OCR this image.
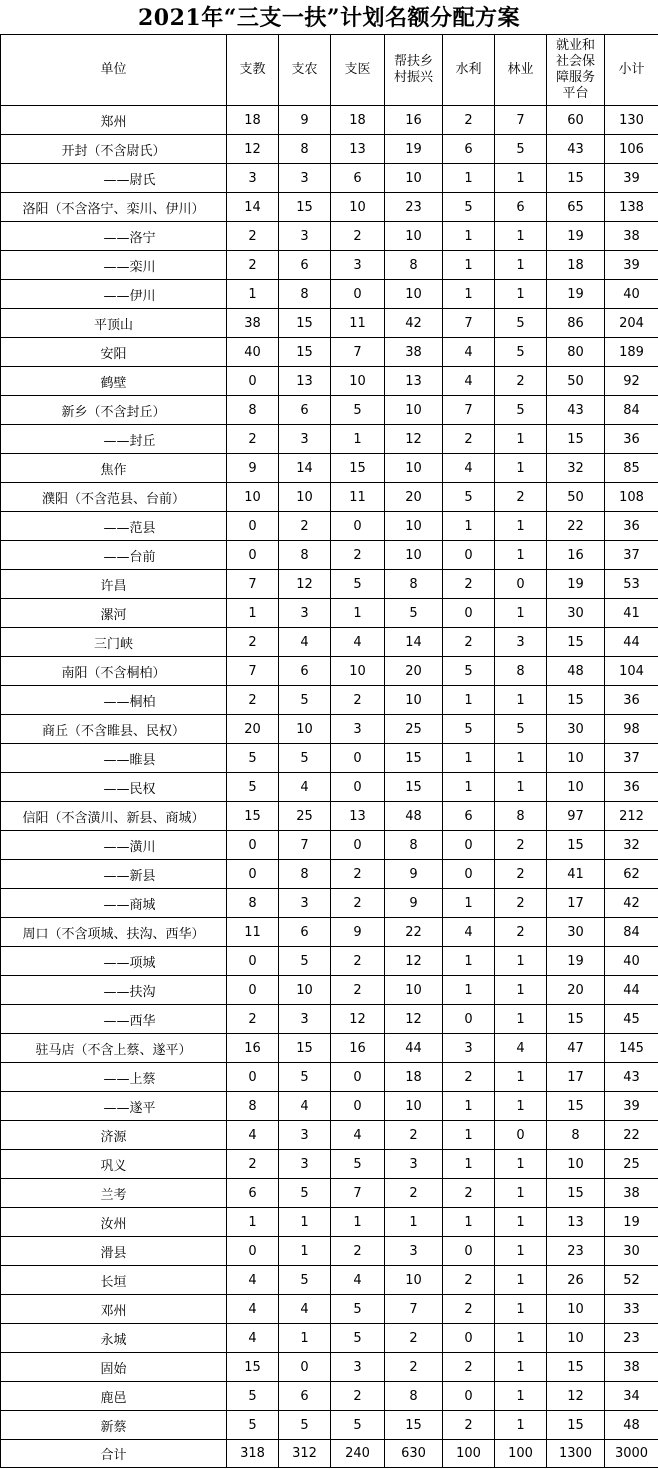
2021年“三支一扶”计划名额分配方案
单位	支教	支农	支医	帮扶乡村振兴	水利	林业	就业和社会保障服务平台	小计
郑州	18	9	18	16	2	7	60	130
开封（不含尉氏）	12	8	13	19	6	5	43	106
——尉氏	3	3	6	10	1	1	15	39
洛阳（不含洛宁、栾川、伊川）	14	15	10	23	5	6	65	138
——洛宁	2	3	2	10	1	1	19	38
——栾川	2	6	3	8	1	1	18	39
——伊川	1	8	0	10	1	1	19	40
平顶山	38	15	11	42	7	5	86	204
安阳	40	15	7	38	4	5	80	189
鹤壁	0	13	10	13	4	2	50	92
新乡（不含封丘）	8	6	5	10	7	5	43	84
——封丘	2	3	1	12	2	1	15	36
焦作	9	14	15	10	4	1	32	85
濮阳（不含范县、台前）	10	10	11	20	5	2	50	108
——范县	0	2	0	10	1	1	22	36
——台前	0	8	2	10	0	1	16	37
许昌	7	12	5	8	2	0	19	53
漯河	1	3	1	5	0	1	30	41
三门峡	2	4	4	14	2	3	15	44
南阳（不含桐柏）	7	6	10	20	5	8	48	104
——桐柏	2	5	2	10	1	1	15	36
商丘（不含睢县、民权）	20	10	3	25	5	5	30	98
——睢县	5	5	0	15	1	1	10	37
——民权	5	4	0	15	1	1	10	36
信阳（不含潢川、新县、商城）	15	25	13	48	6	8	97	212
——潢川	0	7	0	8	0	2	15	32
——新县	0	8	2	9	0	2	41	62
——商城	8	3	2	9	1	2	17	42
周口（不含项城、扶沟、西华）	11	6	9	22	4	2	30	84
——项城	0	5	2	12	1	1	19	40
——扶沟	0	10	2	10	1	1	20	44
——西华	2	3	12	12	0	1	15	45
驻马店（不含上蔡、遂平）	16	15	16	44	3	4	47	145
——上蔡	0	5	0	18	2	1	17	43
——遂平	8	4	0	10	1	1	15	39
济源	4	3	4	2	1	0	8	22
巩义	2	3	5	3	1	1	10	25
兰考	6	5	7	2	2	1	15	38
汝州	1	1	1	1	1	1	13	19
滑县	0	1	2	3	0	1	23	30
长垣	4	5	4	10	2	1	26	52
邓州	4	4	5	7	2	1	10	33
永城	4	1	5	2	0	1	10	23
固始	15	0	3	2	2	1	15	38
鹿邑	5	6	2	8	0	1	12	34
新蔡	5	5	5	15	2	1	15	48
合计	318	312	240	630	100	100	1300	3000
